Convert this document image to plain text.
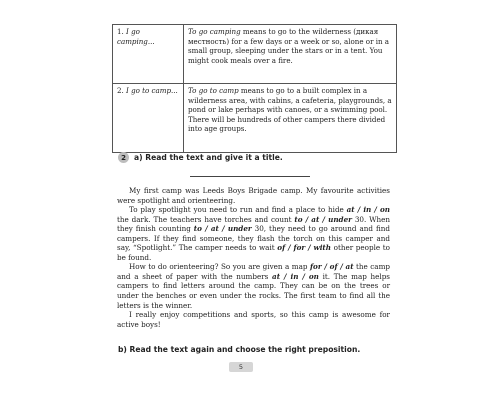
1. I go camping...	To go camping means to go to the wilderness (дикая местность) for a few days or a week or so, alone or in a small group, sleeping under the stars or in a tent. You might cook meals over a fire.
2. I go to camp...	To go to camp means to go to a built complex in a wilderness area, with cabins, a cafeteria, playgrounds, a pond or lake perhaps with canoes, or a swimming pool. There will be hundreds of other campers there divided into age groups.
2	a) Read the text and give it a title.

My first camp was Leeds Boys Brigade camp. My favourite activities were spotlight and orienteering.

To play spotlight you need to run and find a place to hide at / in / on the dark. The teachers have torches and count to / at / under 30. When they finish counting to / at / under 30, they need to go around and find campers. If they find someone, they flash the torch on this camper and say, “Spotlight.” The camper needs to wait of / for / with other people to be found.

How to do orienteering? So you are given a map for / of / at the camp and a sheet of paper with the numbers at / in / on it. The map helps campers to find letters around the camp. They can be on the trees or under the benches or even under the rocks. The first team to find all the letters is the winner.

I really enjoy competitions and sports, so this camp is awesome for active boys!

b) Read the text again and choose the right preposition.
5
